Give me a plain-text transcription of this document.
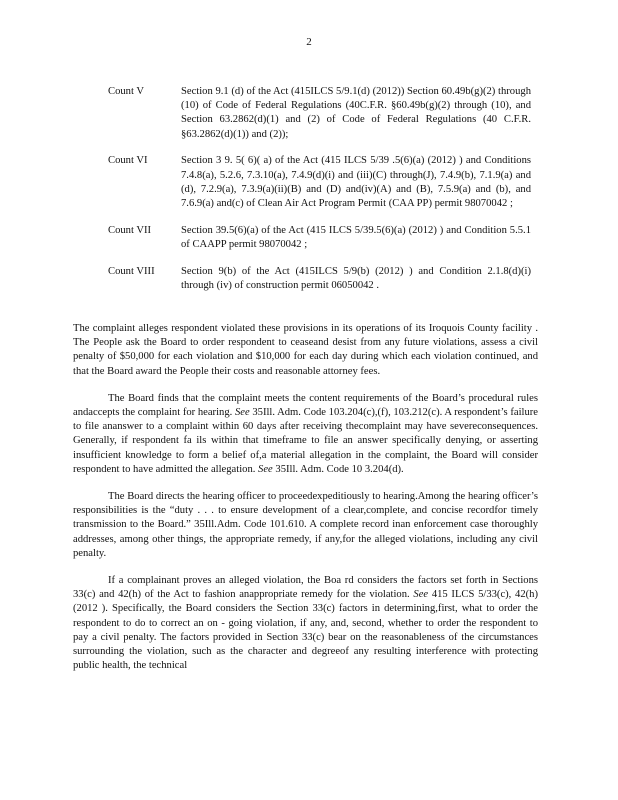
2
Count V	Section 9.1 (d) of the Act (415ILCS 5/9.1(d) (2012)) Section 60.49b(g)(2) through (10) of Code of Federal Regulations (40C.F.R. §60.49b(g)(2) through (10), and Section 63.2862(d)(1) and (2) of Code of Federal Regulations (40 C.F.R. §63.2862(d)(1)) and (2));
Count VI	Section 3 9. 5( 6)( a) of the Act (415 ILCS 5/39 .5(6)(a) (2012) ) and Conditions 7.4.8(a), 5.2.6, 7.3.10(a), 7.4.9(d)(i) and (iii)(C) through(J), 7.4.9(b), 7.1.9(a) and (d), 7.2.9(a), 7.3.9(a)(ii)(B) and (D) and(iv)(A) and (B), 7.5.9(a) and (b), and 7.6.9(a) and(c) of Clean Air Act Program Permit (CAA PP) permit 98070042 ;
Count VII	Section 39.5(6)(a) of the Act (415 ILCS 5/39.5(6)(a) (2012) ) and Condition 5.5.1 of CAAPP permit 98070042 ;
Count VIII	Section 9(b) of the Act (415ILCS 5/9(b) (2012) ) and Condition 2.1.8(d)(i) through (iv) of construction permit 06050042 .

The complaint alleges respondent violated these provisions in its operations of its Iroquois County facility . The People ask the Board to order respondent to ceaseand desist from any future violations, assess a civil penalty of $50,000 for each violation and $10,000 for each day during which each violation continued, and that the Board award the People their costs and reasonable attorney fees.

The Board finds that the complaint meets the content requirements of the Board’s procedural rules andaccepts the complaint for hearing. See 35Ill. Adm. Code 103.204(c),(f), 103.212(c). A respondent’s failure to file ananswer to a complaint within 60 days after receiving thecomplaint may have severeconsequences. Generally, if respondent fa ils within that timeframe to file an answer specifically denying, or asserting insufficient knowledge to form a belief of,a material allegation in the complaint, the Board will consider respondent to have admitted the allegation. See 35Ill. Adm. Code 10 3.204(d).

The Board directs the hearing officer to proceedexpeditiously to hearing.Among the hearing officer’s responsibilities is the “duty . . . to ensure development of a clear,complete, and concise recordfor timely transmission to the Board.” 35Ill.Adm. Code 101.610. A complete record inan enforcement case thoroughly addresses, among other things, the appropriate remedy, if any,for the alleged violations, including any civil penalty.

If a complainant proves an alleged violation, the Boa rd considers the factors set forth in Sections 33(c) and 42(h) of the Act to fashion anappropriate remedy for the violation. See 415 ILCS 5/33(c), 42(h) (2012 ). Specifically, the Board considers the Section 33(c) factors in determining,first, what to order the respondent to do to correct an on - going violation, if any, and, second, whether to order the respondent to pay a civil penalty. The factors provided in Section 33(c) bear on the reasonableness of the circumstances surrounding the violation, such as the character and degreeof any resulting interference with protecting public health, the technical
